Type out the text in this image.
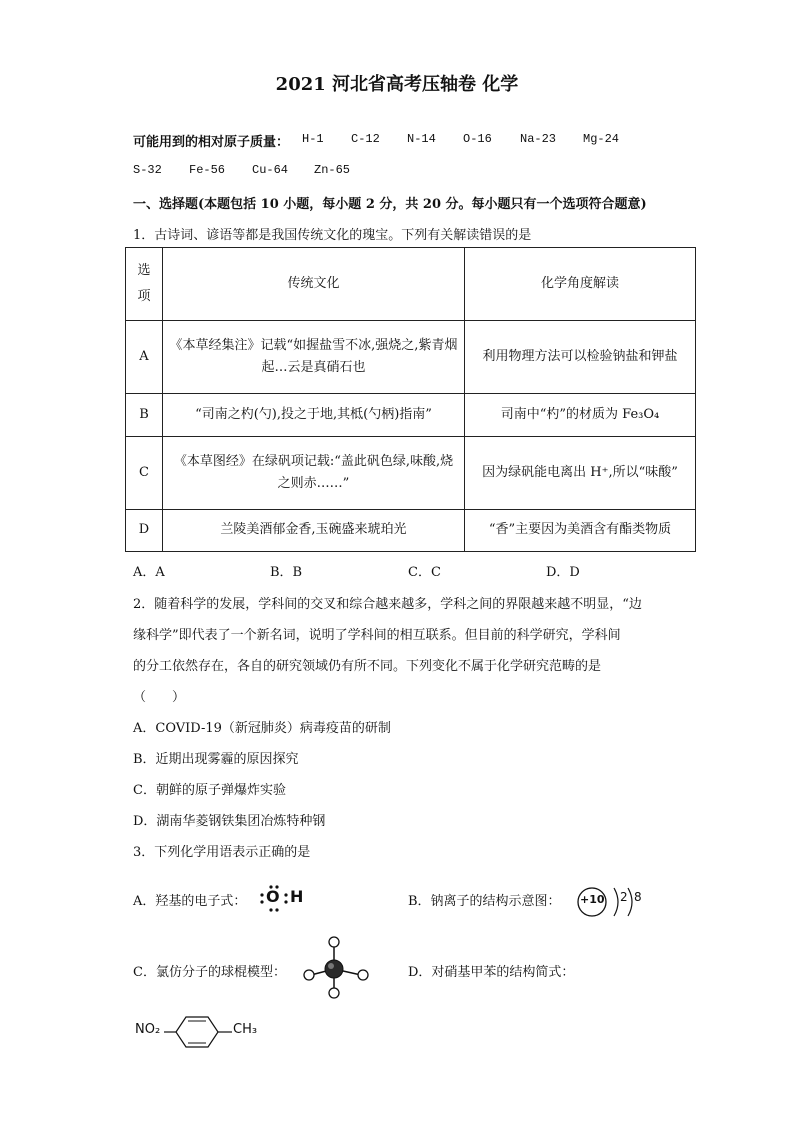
2021 河北省高考压轴卷 化学
可能用到的相对原子质量： H-1 C-12 N-14 O-16 Na-23 Mg-24
S-32 Fe-56 Cu-64 Zn-65
一、选择题(本题包括 10 小题，每小题 2 分，共 20 分。每小题只有一个选项符合题意)
1．古诗词、谚语等都是我国传统文化的瑰宝。下列有关解读错误的是
选项	传统文化	化学角度解读
A	《本草经集注》记载“如握盐雪不冰,强烧之,紫青烟起…云是真硝石也	利用物理方法可以检验钠盐和钾盐
B	“司南之杓(勺),投之于地,其柢(勺柄)指南”	司南中“杓”的材质为 Fe₃O₄
C	《本草图经》在绿矾项记载:“盖此矾色绿,味酸,烧之则赤……”	因为绿矾能电离出 H⁺,所以“味酸”
D	兰陵美酒郁金香,玉碗盛来琥珀光	“香”主要因为美酒含有酯类物质
A．A	B．B	C．C	D．D
2．随着科学的发展，学科间的交叉和综合越来越多，学科之间的界限越来越不明显，“边
缘科学”即代表了一个新名词，说明了学科间的相互联系。但目前的科学研究，学科间
的分工依然存在，各自的研究领域仍有所不同。下列变化不属于化学研究范畴的是
（　　）
A．COVID-19（新冠肺炎）病毒疫苗的研制
B．近期出现雾霾的原因探究
C．朝鲜的原子弹爆炸实验
D．湖南华菱钢铁集团冶炼特种钢
3．下列化学用语表示正确的是
A．羟基的电子式： O H	B．钠离子的结构示意图： +10 2 8
C．氯仿分子的球棍模型：	D．对硝基甲苯的结构简式：
NO₂	CH₃
